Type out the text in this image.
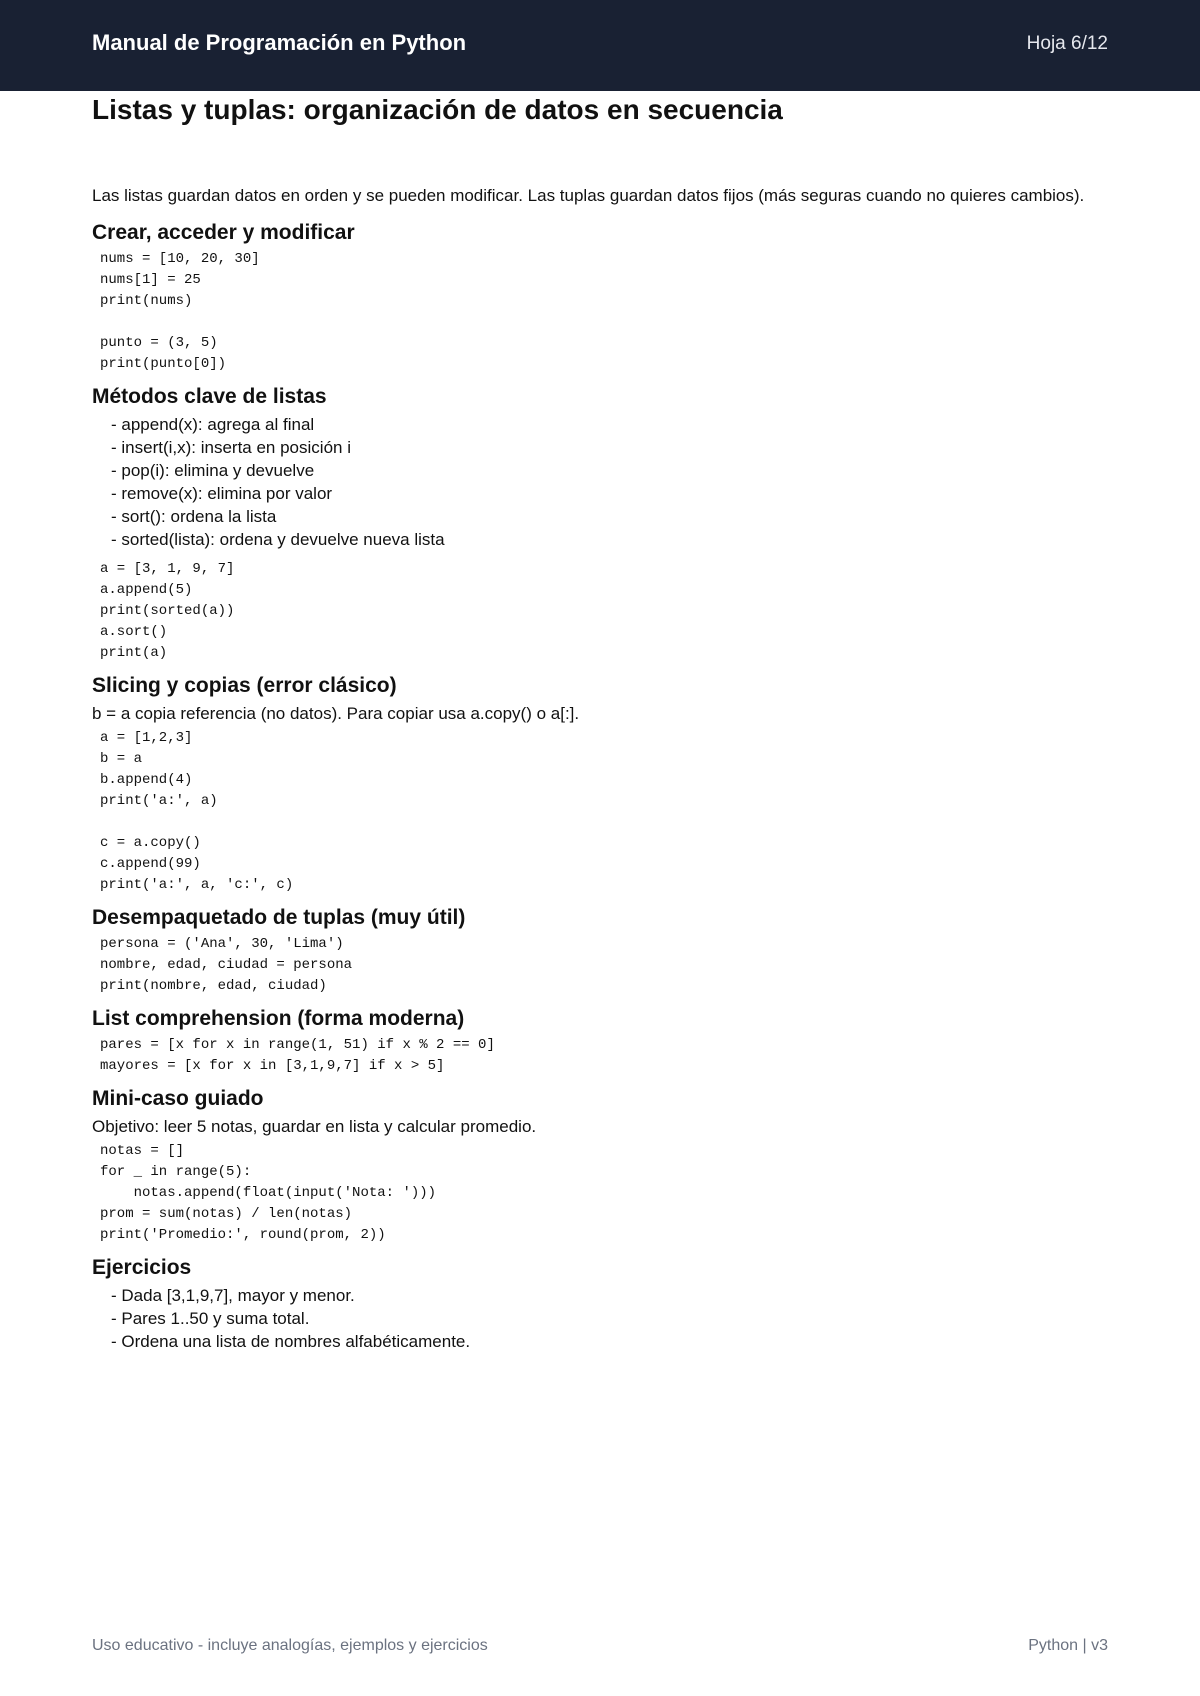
Manual de Programación en Python	Hoja 6/12
Listas y tuplas: organización de datos en secuencia

Las listas guardan datos en orden y se pueden modificar. Las tuplas guardan datos fijos (más seguras cuando no quieres cambios).

Crear, acceder y modificar
nums = [10, 20, 30]
nums[1] = 25
print(nums)

punto = (3, 5)
print(punto[0])
Métodos clave de listas
- append(x): agrega al final
- insert(i,x): inserta en posición i
- pop(i): elimina y devuelve
- remove(x): elimina por valor
- sort(): ordena la lista
- sorted(lista): ordena y devuelve nueva lista
a = [3, 1, 9, 7]
a.append(5)
print(sorted(a))
a.sort()
print(a)
Slicing y copias (error clásico)

b = a copia referencia (no datos). Para copiar usa a.copy() o a[:].

a = [1,2,3]
b = a
b.append(4)
print('a:', a)

c = a.copy()
c.append(99)
print('a:', a, 'c:', c)
Desempaquetado de tuplas (muy útil)
persona = ('Ana', 30, 'Lima')
nombre, edad, ciudad = persona
print(nombre, edad, ciudad)
List comprehension (forma moderna)
pares = [x for x in range(1, 51) if x % 2 == 0]
mayores = [x for x in [3,1,9,7] if x > 5]
Mini-caso guiado

Objetivo: leer 5 notas, guardar en lista y calcular promedio.

notas = []
for _ in range(5):
notas.append(float(input('Nota: ')))
prom = sum(notas) / len(notas)
print('Promedio:', round(prom, 2))
Ejercicios
- Dada [3,1,9,7], mayor y menor.
- Pares 1..50 y suma total.
- Ordena una lista de nombres alfabéticamente.
Uso educativo - incluye analogías, ejemplos y ejercicios	Python | v3
